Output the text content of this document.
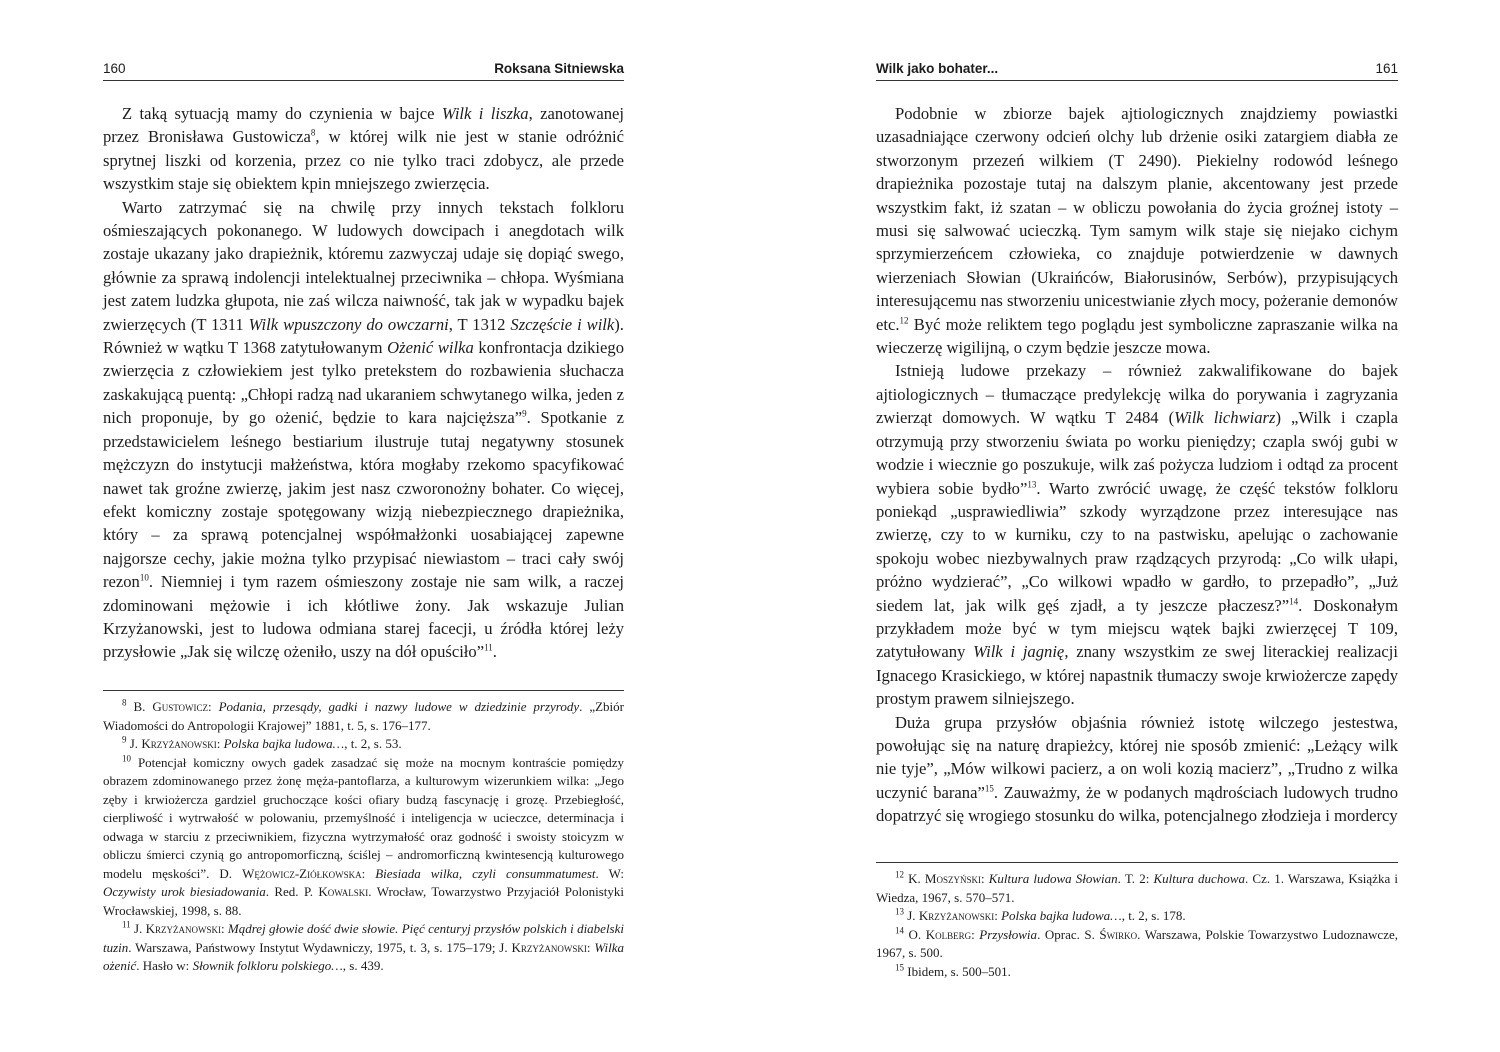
160	Roksana Sitniewska

Z taką sytuacją mamy do czynienia w bajce Wilk i liszka, zanotowanej przez Bronisława Gustowicza$^8$, w której wilk nie jest w stanie odróżnić sprytnej liszki od korzenia, przez co nie tylko traci zdobycz, ale przede wszystkim staje się obiektem kpin mniejszego zwierzęcia.

Warto zatrzymać się na chwilę przy innych tekstach folkloru ośmieszających pokonanego. W ludowych dowcipach i anegdotach wilk zostaje ukazany jako drapieżnik, któremu zazwyczaj udaje się dopiąć swego, głównie za sprawą indolencji intelektualnej przeciwnika – chłopa. Wyśmiana jest zatem ludzka głupota, nie zaś wilcza naiwność, tak jak w wypadku bajek zwierzęcych (T 1311 Wilk wpuszczony do owczarni, T 1312 Szczęście i wilk). Również w wątku T 1368 zatytułowanym Ożenić wilka konfrontacja dzikiego zwierzęcia z człowiekiem jest tylko pretekstem do rozbawienia słuchacza zaskakującą puentą: „Chłopi radzą nad ukaraniem schwytanego wilka, jeden z nich proponuje, by go ożenić, będzie to kara najcięższa”$^9$. Spotkanie z przedstawicielem leśnego bestiarium ilustruje tutaj negatywny stosunek mężczyzn do instytucji małżeństwa, która mogłaby rzekomo spacyfikować nawet tak groźne zwierzę, jakim jest nasz czworonożny bohater. Co więcej, efekt komiczny zostaje spotęgowany wizją niebezpiecznego drapieżnika, który – za sprawą potencjalnej współmałżonki uosabiającej zapewne najgorsze cechy, jakie można tylko przypisać niewiastom – traci cały swój rezon$^{10}$. Niemniej i tym razem ośmieszony zostaje nie sam wilk, a raczej zdominowani mężowie i ich kłótliwe żony. Jak wskazuje Julian Krzyżanowski, jest to ludowa odmiana starej facecji, u źródła której leży przysłowie „Jak się wilczę ożeniło, uszy na dół opuściło”$^{11}$.

$^8$ B. Gustowicz: Podania, przesądy, gadki i nazwy ludowe w dziedzinie przyrody. „Zbiór Wiadomości do Antropologii Krajowej” 1881, t. 5, s. 176–177.

$^9$ J. Krzyżanowski: Polska bajka ludowa…, t. 2, s. 53.

$^{10}$ Potencjał komiczny owych gadek zasadzać się może na mocnym kontraście pomiędzy obrazem zdominowanego przez żonę męża-pantoflarza, a kulturowym wizerunkiem wilka: „Jego zęby i krwiożercza gardziel gruchoczące kości ofiary budzą fascynację i grozę. Przebiegłość, cierpliwość i wytrwałość w polowaniu, przemyślność i inteligencja w ucieczce, determinacja i odwaga w starciu z przeciwnikiem, fizyczna wytrzymałość oraz godność i swoisty stoicyzm w obliczu śmierci czynią go antropomorficzną, ściślej – andromorficzną kwintesencją kulturowego modelu męskości”. D. Wężowicz-Ziółkowska: Biesiada wilka, czyli consummatumest. W: Oczywisty urok biesiadowania. Red. P. Kowalski. Wrocław, Towarzystwo Przyjaciół Polonistyki Wrocławskiej, 1998, s. 88.

$^{11}$ J. Krzyżanowski: Mądrej głowie dość dwie słowie. Pięć centuryj przysłów polskich i diabelski tuzin. Warszawa, Państwowy Instytut Wydawniczy, 1975, t. 3, s. 175–179; J. Krzyżanowski: Wilka ożenić. Hasło w: Słownik folkloru polskiego…, s. 439.

Wilk jako bohater...	161

Podobnie w zbiorze bajek ajtiologicznych znajdziemy powiastki uzasadniające czerwony odcień olchy lub drżenie osiki zatargiem diabła ze stworzonym przezeń wilkiem (T 2490). Piekielny rodowód leśnego drapieżnika pozostaje tutaj na dalszym planie, akcentowany jest przede wszystkim fakt, iż szatan – w obliczu powołania do życia groźnej istoty – musi się salwować ucieczką. Tym samym wilk staje się niejako cichym sprzymierzeńcem człowieka, co znajduje potwierdzenie w dawnych wierzeniach Słowian (Ukraińców, Białorusinów, Serbów), przypisujących interesującemu nas stworzeniu unicestwianie złych mocy, pożeranie demonów etc.$^{12}$ Być może reliktem tego poglądu jest symboliczne zapraszanie wilka na wieczerzę wigilijną, o czym będzie jeszcze mowa.

Istnieją ludowe przekazy – również zakwalifikowane do bajek ajtiologicznych – tłumaczące predylekcję wilka do porywania i zagryzania zwierząt domowych. W wątku T 2484 (Wilk lichwiarz) „Wilk i czapla otrzymują przy stworzeniu świata po worku pieniędzy; czapla swój gubi w wodzie i wiecznie go poszukuje, wilk zaś pożycza ludziom i odtąd za procent wybiera sobie bydło”$^{13}$. Warto zwrócić uwagę, że część tekstów folkloru poniekąd „usprawiedliwia” szkody wyrządzone przez interesujące nas zwierzę, czy to w kurniku, czy to na pastwisku, apelując o zachowanie spokoju wobec niezbywalnych praw rządzących przyrodą: „Co wilk ułapi, próżno wydzierać”, „Co wilkowi wpadło w gardło, to przepadło”, „Już siedem lat, jak wilk gęś zjadł, a ty jeszcze płaczesz?”$^{14}$. Doskonałym przykładem może być w tym miejscu wątek bajki zwierzęcej T 109, zatytułowany Wilk i jagnię, znany wszystkim ze swej literackiej realizacji Ignacego Krasickiego, w której napastnik tłumaczy swoje krwiożercze zapędy prostym prawem silniejszego.

Duża grupa przysłów objaśnia również istotę wilczego jestestwa, powołując się na naturę drapieżcy, której nie sposób zmienić: „Leżący wilk nie tyje”, „Mów wilkowi pacierz, a on woli kozią macierz”, „Trudno z wilka uczynić barana”$^{15}$. Zauważmy, że w podanych mądrościach ludowych trudno dopatrzyć się wrogiego stosunku do wilka, potencjalnego złodzieja i mordercy

$^{12}$ K. Moszyński: Kultura ludowa Słowian. T. 2: Kultura duchowa. Cz. 1. Warszawa, Książka i Wiedza, 1967, s. 570–571.

$^{13}$ J. Krzyżanowski: Polska bajka ludowa…, t. 2, s. 178.

$^{14}$ O. Kolberg: Przysłowia. Oprac. S. Świrko. Warszawa, Polskie Towarzystwo Ludoznawcze, 1967, s. 500.

$^{15}$ Ibidem, s. 500–501.
